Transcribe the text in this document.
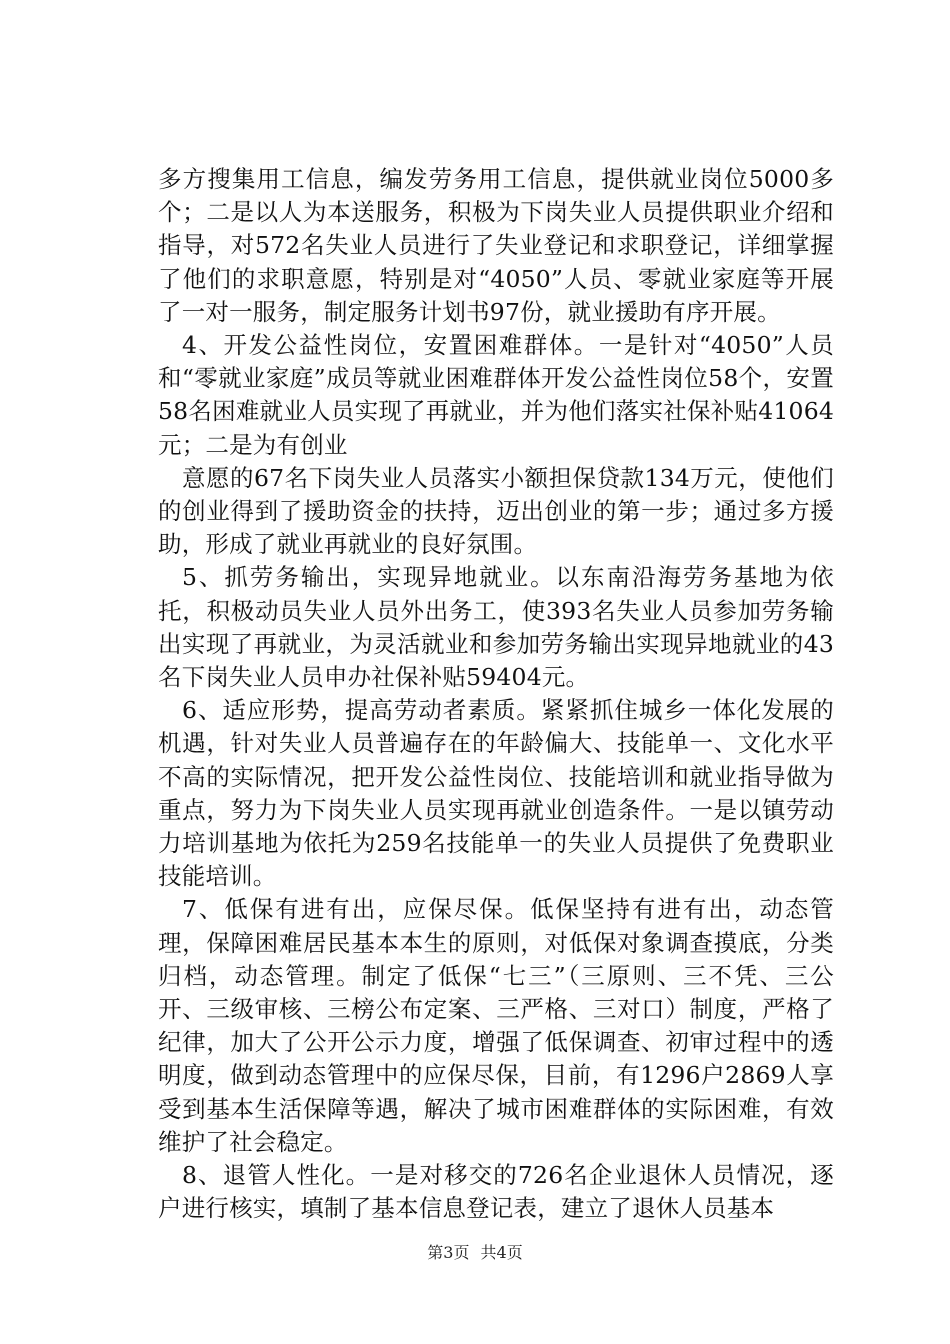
多方搜集用工信息，编发劳务用工信息，提供就业岗位5000多个；二是以人为本送服务，积极为下岗失业人员提供职业介绍和指导，对572名失业人员进行了失业登记和求职登记，详细掌握了他们的求职意愿，特别是对“4050”人员、零就业家庭等开展了一对一服务，制定服务计划书97份，就业援助有序开展。

4、开发公益性岗位，安置困难群体。一是针对“4050”人员和“零就业家庭”成员等就业困难群体开发公益性岗位58个，安置58名困难就业人员实现了再就业，并为他们落实社保补贴41064元；二是为有创业

意愿的67名下岗失业人员落实小额担保贷款134万元，使他们的创业得到了援助资金的扶持，迈出创业的第一步；通过多方援助，形成了就业再就业的良好氛围。

5、抓劳务输出，实现异地就业。以东南沿海劳务基地为依托，积极动员失业人员外出务工，使393名失业人员参加劳务输出实现了再就业，为灵活就业和参加劳务输出实现异地就业的43名下岗失业人员申办社保补贴59404元。

6、适应形势，提高劳动者素质。紧紧抓住城乡一体化发展的机遇，针对失业人员普遍存在的年龄偏大、技能单一、文化水平不高的实际情况，把开发公益性岗位、技能培训和就业指导做为重点，努力为下岗失业人员实现再就业创造条件。一是以镇劳动力培训基地为依托为259名技能单一的失业人员提供了免费职业技能培训。

7、低保有进有出，应保尽保。低保坚持有进有出，动态管理，保障困难居民基本本生的原则，对低保对象调查摸底，分类归档，动态管理。制定了低保“七三”（三原则、三不凭、三公开、三级审核、三榜公布定案、三严格、三对口）制度，严格了纪律，加大了公开公示力度，增强了低保调查、初审过程中的透明度，做到动态管理中的应保尽保，目前，有1296户2869人享受到基本生活保障等遇，解决了城市困难群体的实际困难，有效维护了社会稳定。

8、退管人性化。一是对移交的726名企业退休人员情况，逐户进行核实，填制了基本信息登记表，建立了退休人员基本

第3页 共4页
